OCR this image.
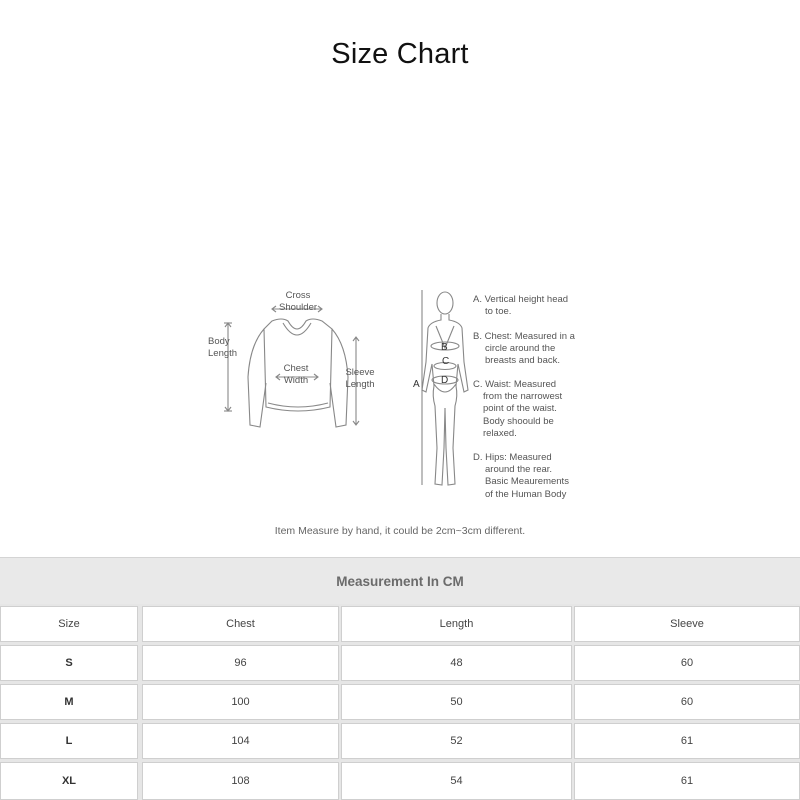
Size Chart
Cross
Shoulder
Body
Length
Chest
Width
Sleeve
Length	A
B
C
D
A. Vertical height head
to toe.
B. Chest: Measured in a
circle around the
breasts and back.
C. Waist: Measured
from the narrowest
point of the waist.
Body shoould be
relaxed.
D. Hips: Measured
around the rear.
Basic Meaurements
of the Human Body
Item Measure by hand, it could be 2cm~3cm different.
Measurement In CM
Size	Chest	Length	Sleeve
S	96	48	60
M	100	50	60
L	104	52	61
XL	108	54	61
